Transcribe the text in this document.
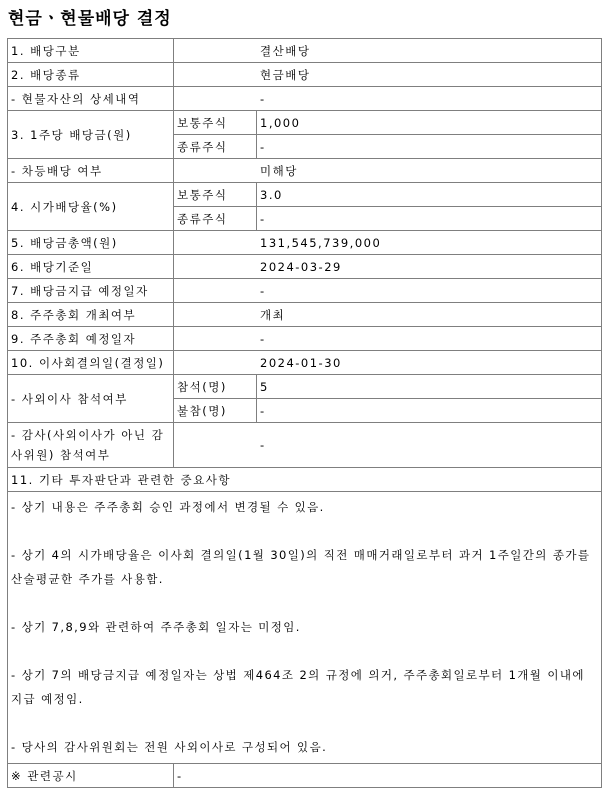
현금ㆍ현물배당 결정
1. 배당구분	결산배당	
2. 배당종류	현금배당	
- 현물자산의 상세내역	-	
3. 1주당 배당금(원)	보통주식	1,000
	종류주식	-
- 차등배당 여부	미해당	
4. 시가배당율(%)	보통주식	3.0
	종류주식	-
5. 배당금총액(원)	131,545,739,000	
6. 배당기준일	2024-03-29	
7. 배당금지급 예정일자	-	
8. 주주총회 개최여부	개최	
9. 주주총회 예정일자	-	
10. 이사회결의일(결정일)	2024-01-30	
- 사외이사 참석여부	참석(명)	5
	불참(명)	-
- 감사(사외이사가 아닌 감사위원) 참석여부	-	
11. 기타 투자판단과 관련한 중요사항		

- 상기 내용은 주주총회 승인 과정에서 변경될 수 있음.

- 상기 4의 시가배당율은 이사회 결의일(1월 30일)의 직전 매매거래일로부터 과거 1주일간의 종가를 산술평균한 주가를 사용함.

- 상기 7,8,9와 관련하여 주주총회 일자는 미정임.

- 상기 7의 배당금지급 예정일자는 상법 제464조 2의 규정에 의거, 주주총회일로부터 1개월 이내에 지급 예정임.

- 당사의 감사위원회는 전원 사외이사로 구성되어 있음.		

※ 관련공시	-	
